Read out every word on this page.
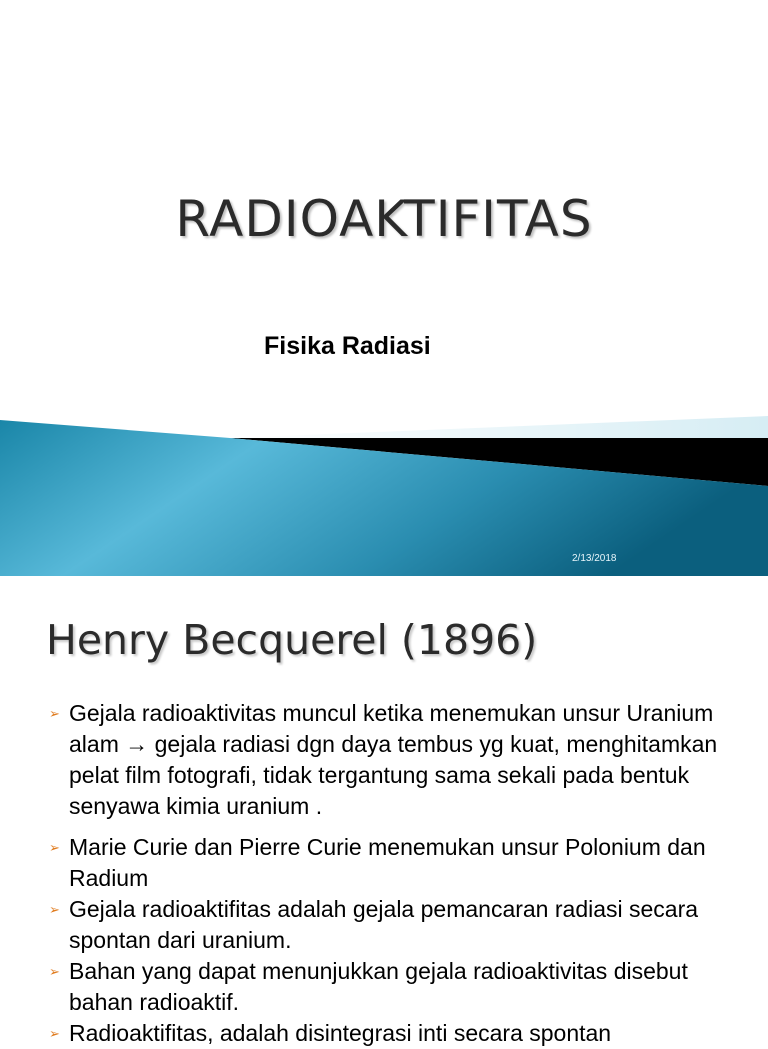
RADIOAKTIFITAS
Fisika Radiasi
2/13/2018
Henry Becquerel (1896)
➢ Gejala radioaktivitas muncul ketika menemukan unsur Uranium alam → gejala radiasi dgn daya tembus yg kuat, menghitamkan pelat film fotografi, tidak tergantung sama sekali pada bentuk senyawa kimia uranium .
➢ Marie Curie dan Pierre Curie menemukan unsur Polonium dan Radium
➢ Gejala radioaktifitas adalah gejala pemancaran radiasi secara spontan dari uranium.
➢ Bahan yang dapat menunjukkan gejala radioaktivitas disebut bahan radioaktif.
➢ Radioaktifitas, adalah disintegrasi inti secara spontan
